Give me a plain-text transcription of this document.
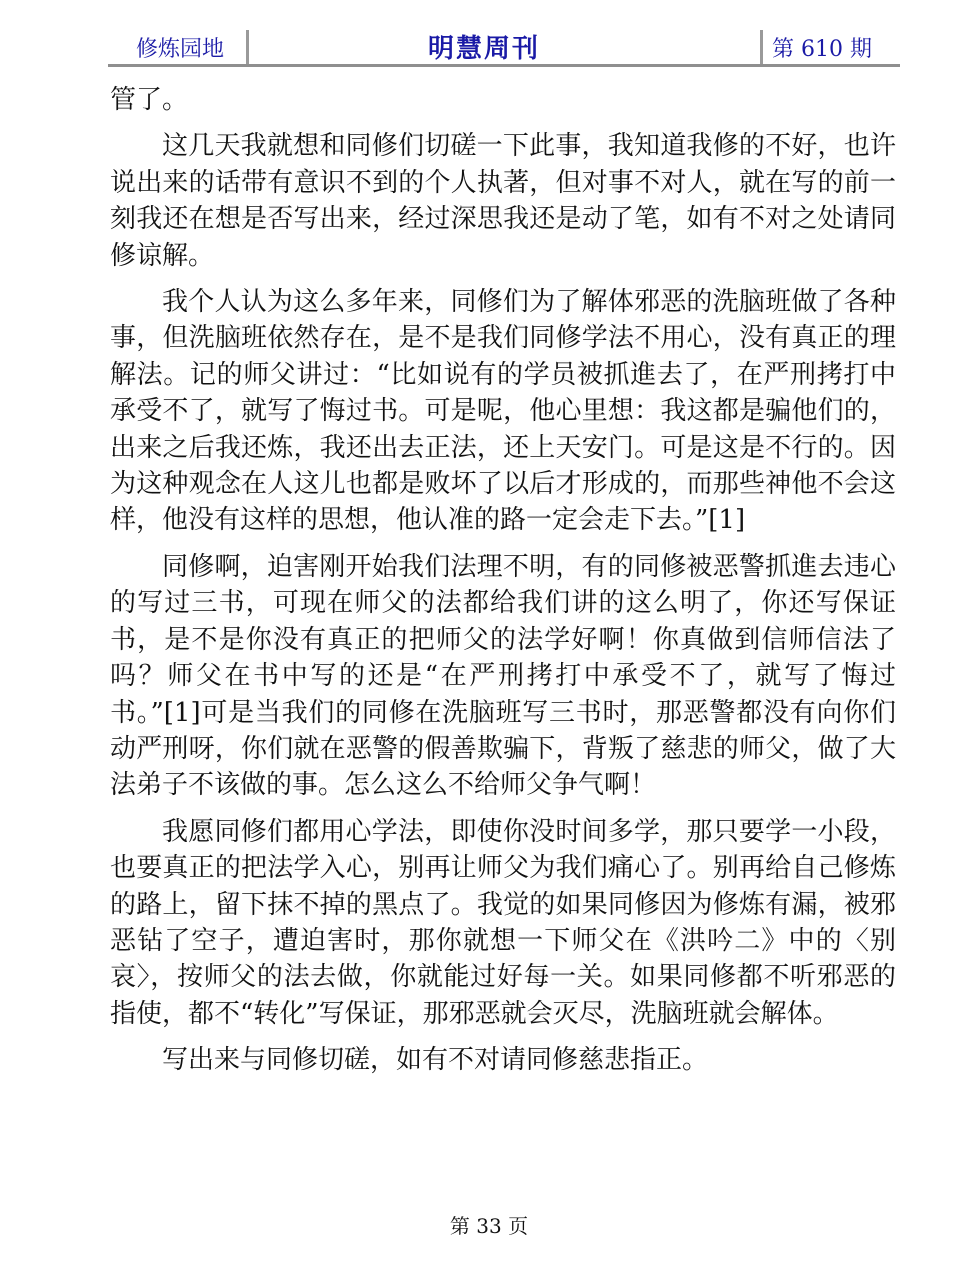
修炼园地	明慧周刊	第 610 期

管了。

这几天我就想和同修们切磋一下此事，我知道我修的不好，也许说出来的话带有意识不到的个人执著，但对事不对人，就在写的前一刻我还在想是否写出来，经过深思我还是动了笔，如有不对之处请同修谅解。

我个人认为这么多年来，同修们为了解体邪恶的洗脑班做了各种事，但洗脑班依然存在，是不是我们同修学法不用心，没有真正的理解法。记的师父讲过：“比如说有的学员被抓進去了，在严刑拷打中承受不了，就写了悔过书。可是呢，他心里想：我这都是骗他们的，出来之后我还炼，我还出去正法，还上天安门。可是这是不行的。因为这种观念在人这儿也都是败坏了以后才形成的，而那些神他不会这样，他没有这样的思想，他认准的路一定会走下去。”[1]

同修啊，迫害刚开始我们法理不明，有的同修被恶警抓進去违心的写过三书，可现在师父的法都给我们讲的这么明了，你还写保证书，是不是你没有真正的把师父的法学好啊！你真做到信师信法了吗？师父在书中写的还是“在严刑拷打中承受不了，就写了悔过书。”[1]可是当我们的同修在洗脑班写三书时，那恶警都没有向你们动严刑呀，你们就在恶警的假善欺骗下，背叛了慈悲的师父，做了大法弟子不该做的事。怎么这么不给师父争气啊！

我愿同修们都用心学法，即使你没时间多学，那只要学一小段，也要真正的把法学入心，别再让师父为我们痛心了。别再给自己修炼的路上，留下抹不掉的黑点了。我觉的如果同修因为修炼有漏，被邪恶钻了空子，遭迫害时，那你就想一下师父在《洪吟二》中的〈别哀〉，按师父的法去做，你就能过好每一关。如果同修都不听邪恶的指使，都不“转化”写保证，那邪恶就会灭尽，洗脑班就会解体。

写出来与同修切磋，如有不对请同修慈悲指正。

第 33 页
